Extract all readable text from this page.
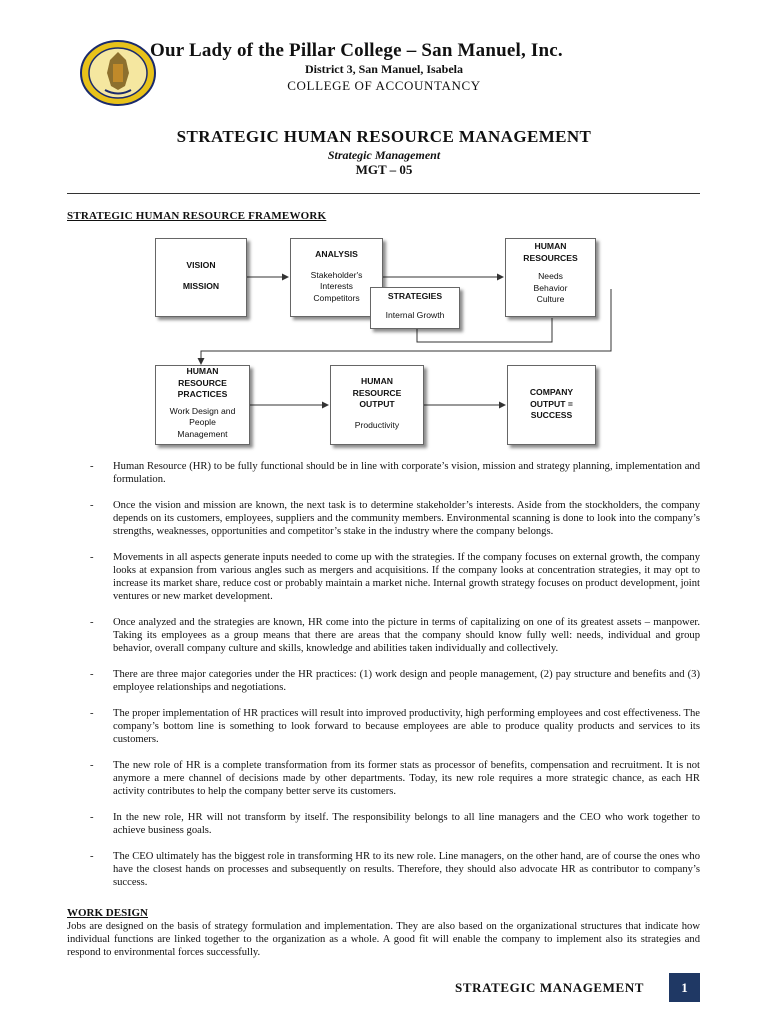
Our Lady of the Pillar College – San Manuel, Inc.
District 3, San Manuel, Isabela
COLLEGE OF ACCOUNTANCY
STRATEGIC HUMAN RESOURCE MANAGEMENT
Strategic Management
MGT – 05
STRATEGIC HUMAN RESOURCE FRAMEWORK
VISION
MISSION
ANALYSIS
Stakeholder's
Interests
Competitors	STRATEGIES
Internal Growth
HUMAN
RESOURCES
Needs
Behavior
Culture
HUMAN
RESOURCE
PRACTICES
Work Design and
People
Management
HUMAN
RESOURCE
OUTPUT
Productivity
COMPANY
OUTPUT =
SUCCESS
- Human Resource (HR) to be fully functional should be in line with corporate’s vision, mission and strategy planning, implementation and formulation.
- Once the vision and mission are known, the next task is to determine stakeholder’s interests. Aside from the stockholders, the company depends on its customers, employees, suppliers and the community members. Environmental scanning is done to look into the company’s strengths, weaknesses, opportunities and competitor’s stake in the industry where the company belongs.
- Movements in all aspects generate inputs needed to come up with the strategies. If the company focuses on external growth, the company looks at expansion from various angles such as mergers and acquisitions. If the company looks at concentration strategies, it may opt to increase its market share, reduce cost or probably maintain a market niche. Internal growth strategy focuses on product development, joint ventures or new market development.
- Once analyzed and the strategies are known, HR come into the picture in terms of capitalizing on one of its greatest assets – manpower. Taking its employees as a group means that there are areas that the company should know fully well: needs, individual and group behavior, overall company culture and skills, knowledge and abilities taken individually and collectively.
- There are three major categories under the HR practices: (1) work design and people management, (2) pay structure and benefits and (3) employee relationships and negotiations.
- The proper implementation of HR practices will result into improved productivity, high performing employees and cost effectiveness. The company’s bottom line is something to look forward to because employees are able to produce quality products and services to its customers.
- The new role of HR is a complete transformation from its former stats as processor of benefits, compensation and recruitment. It is not anymore a mere channel of decisions made by other departments. Today, its new role requires a more strategic chance, as each HR activity contributes to help the company better serve its customers.
- In the new role, HR will not transform by itself. The responsibility belongs to all line managers and the CEO who work together to achieve business goals.
- The CEO ultimately has the biggest role in transforming HR to its new role. Line managers, on the other hand, are of course the ones who have the closest hands on processes and subsequently on results. Therefore, they should also advocate HR as contributor to company’s success.
WORK DESIGN
Jobs are designed on the basis of strategy formulation and implementation. They are also based on the organizational structures that indicate how individual functions are linked together to the organization as a whole. A good fit will enable the company to implement also its strategies and respond to environmental forces successfully.
STRATEGIC MANAGEMENT	1
